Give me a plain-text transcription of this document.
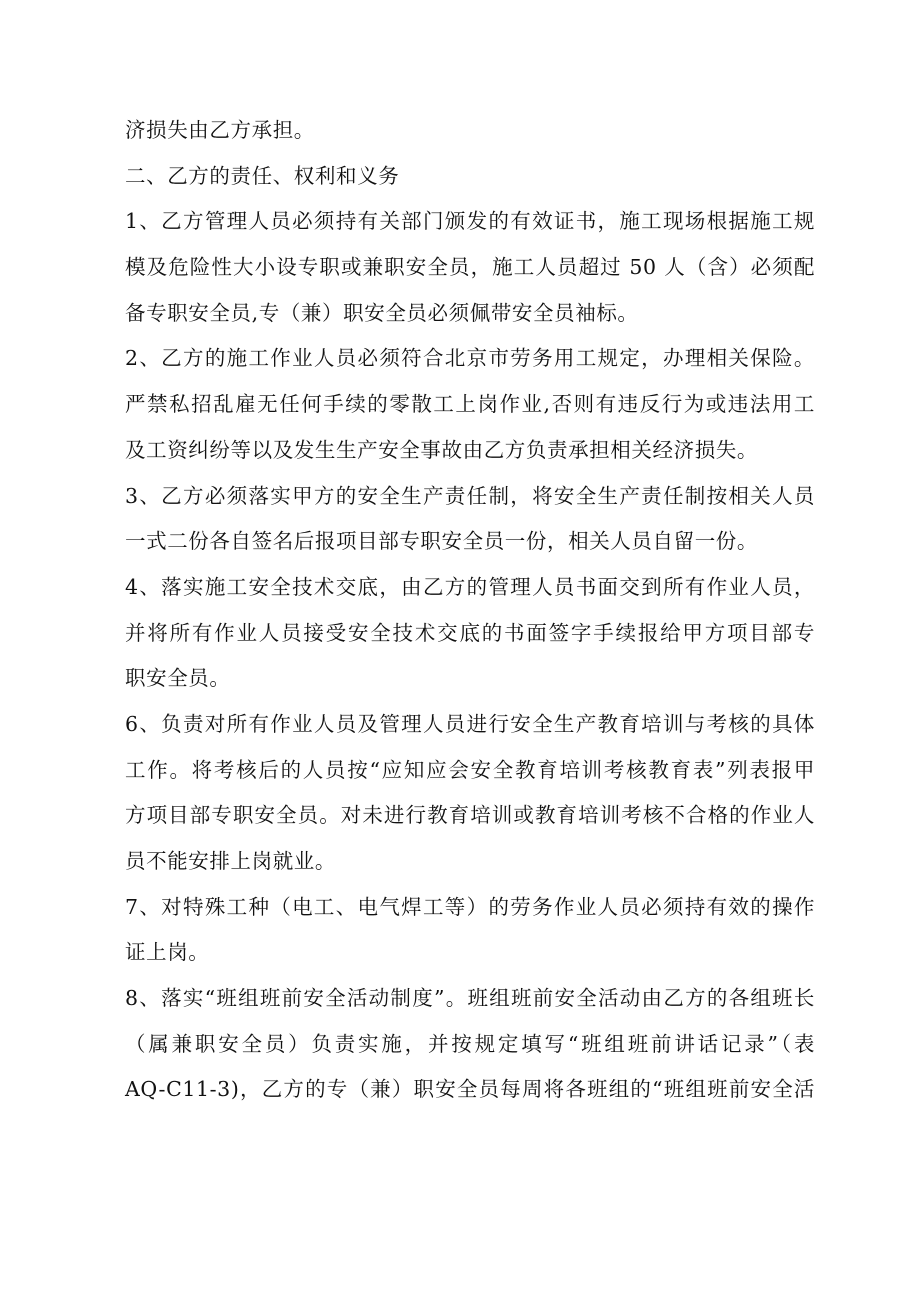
济损失由乙方承担。
二、乙方的责任、权利和义务
1、乙方管理人员必须持有关部门颁发的有效证书，施工现场根据施工规
模及危险性大小设专职或兼职安全员，施工人员超过 50 人（含）必须配
备专职安全员,专（兼）职安全员必须佩带安全员袖标。
2、乙方的施工作业人员必须符合北京市劳务用工规定，办理相关保险。
严禁私招乱雇无任何手续的零散工上岗作业,否则有违反行为或违法用工
及工资纠纷等以及发生生产安全事故由乙方负责承担相关经济损失。
3、乙方必须落实甲方的安全生产责任制，将安全生产责任制按相关人员
一式二份各自签名后报项目部专职安全员一份，相关人员自留一份。
4、落实施工安全技术交底，由乙方的管理人员书面交到所有作业人员，
并将所有作业人员接受安全技术交底的书面签字手续报给甲方项目部专
职安全员。
6、负责对所有作业人员及管理人员进行安全生产教育培训与考核的具体
工作。将考核后的人员按“应知应会安全教育培训考核教育表”列表报甲
方项目部专职安全员。对未进行教育培训或教育培训考核不合格的作业人
员不能安排上岗就业。
7、对特殊工种（电工、电气焊工等）的劳务作业人员必须持有效的操作
证上岗。
8、落实“班组班前安全活动制度”。班组班前安全活动由乙方的各组班长
（属兼职安全员）负责实施，并按规定填写“班组班前讲话记录”（表
AQ-C11-3)，乙方的专（兼）职安全员每周将各班组的“班组班前安全活
